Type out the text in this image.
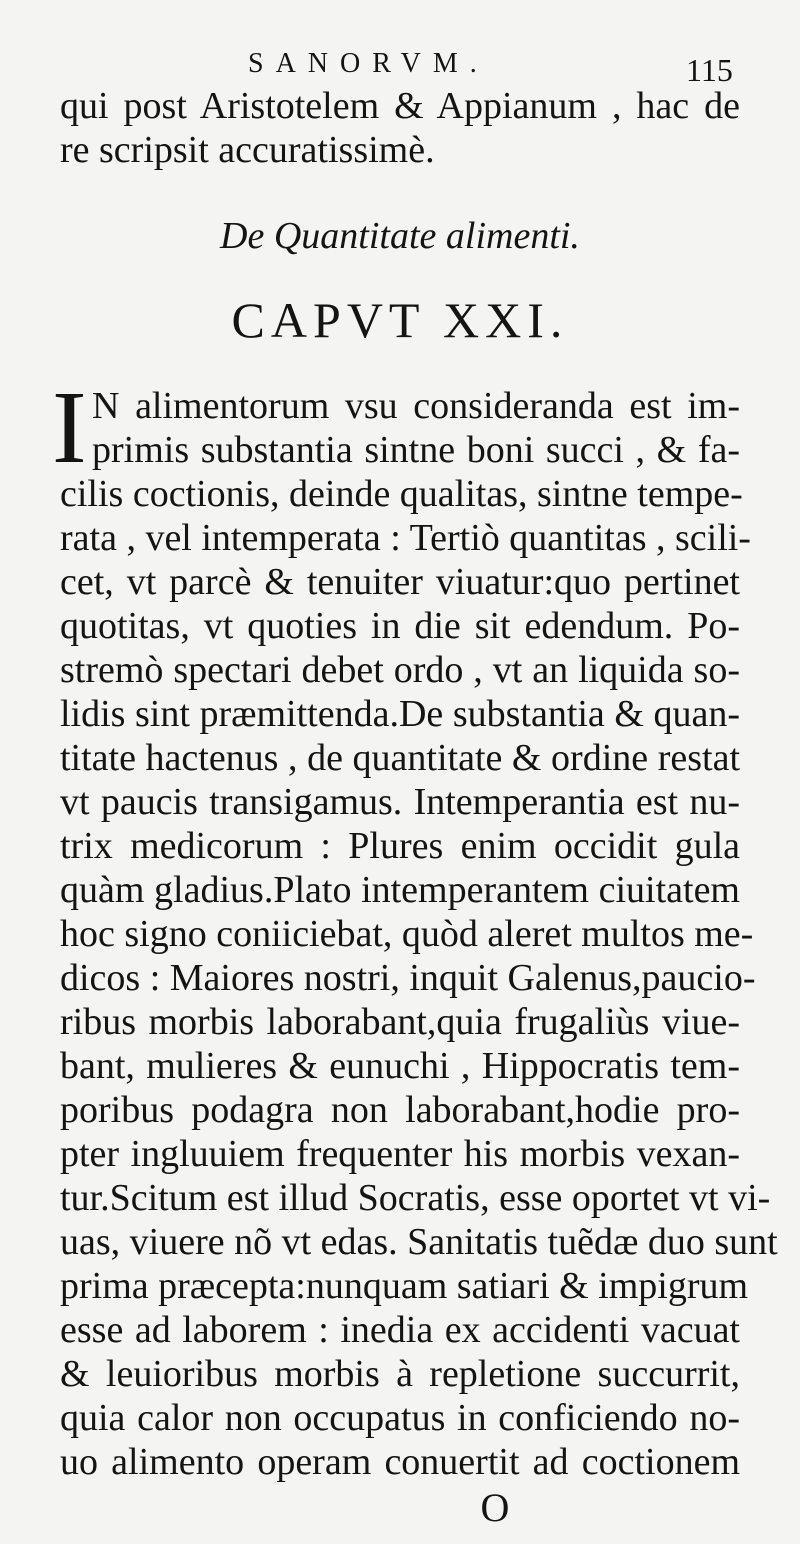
SANORVM.	115
qui post Aristotelem & Appianum , hac de
re scripsit accuratissimè.
De Quantitate alimenti.
CAPVT XXI.
I N alimentorum vsu consideranda est im-
primis substantia sintne boni succi , & fa-
cilis coctionis, deinde qualitas, sintne tempe-
rata , vel intemperata : Tertiò quantitas , scili-
cet, vt parcè & tenuiter viuatur:quo pertinet
quotitas, vt quoties in die sit edendum. Po-
stremò spectari debet ordo , vt an liquida so-
lidis sint præmittenda.De substantia & quan-
titate hactenus , de quantitate & ordine restat
vt paucis transigamus. Intemperantia est nu-
trix medicorum : Plures enim occidit gula
quàm gladius.Plato intemperantem ciuitatem
hoc signo coniiciebat, quòd aleret multos me-
dicos : Maiores nostri, inquit Galenus,paucio-
ribus morbis laborabant,quia frugaliùs viue-
bant, mulieres & eunuchi , Hippocratis tem-
poribus podagra non laborabant,hodie pro-
pter ingluuiem frequenter his morbis vexan-
tur.Scitum est illud Socratis, esse oportet vt vi-
uas, viuere nõ vt edas. Sanitatis tuẽdæ duo sunt
prima præcepta:nunquam satiari & impigrum
esse ad laborem : inedia ex accidenti vacuat
& leuioribus morbis à repletione succurrit,
quia calor non occupatus in conficiendo no-
uo alimento operam conuertit ad coctionem
O
